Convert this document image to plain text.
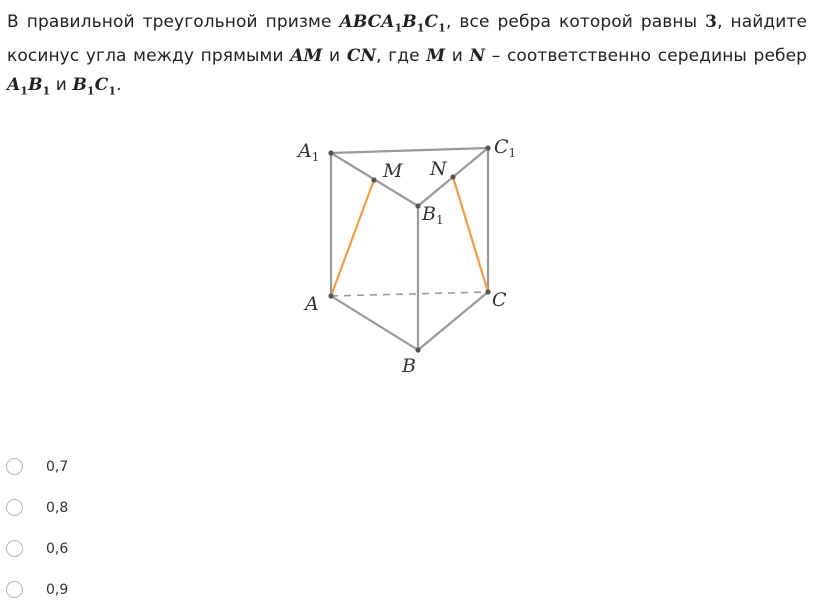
В правильной треугольной призме $ABCA_1B_1C_1$, все ребра которой равны 3, найдите косинус угла между прямыми AM и CN, где M и N – соответственно середины ребер $A_1B_1$ и $B_1C_1$.
$A_1$	$C_1$
M N
$B_1$
A	C
B
0,7
0,8
0,6
0,9
